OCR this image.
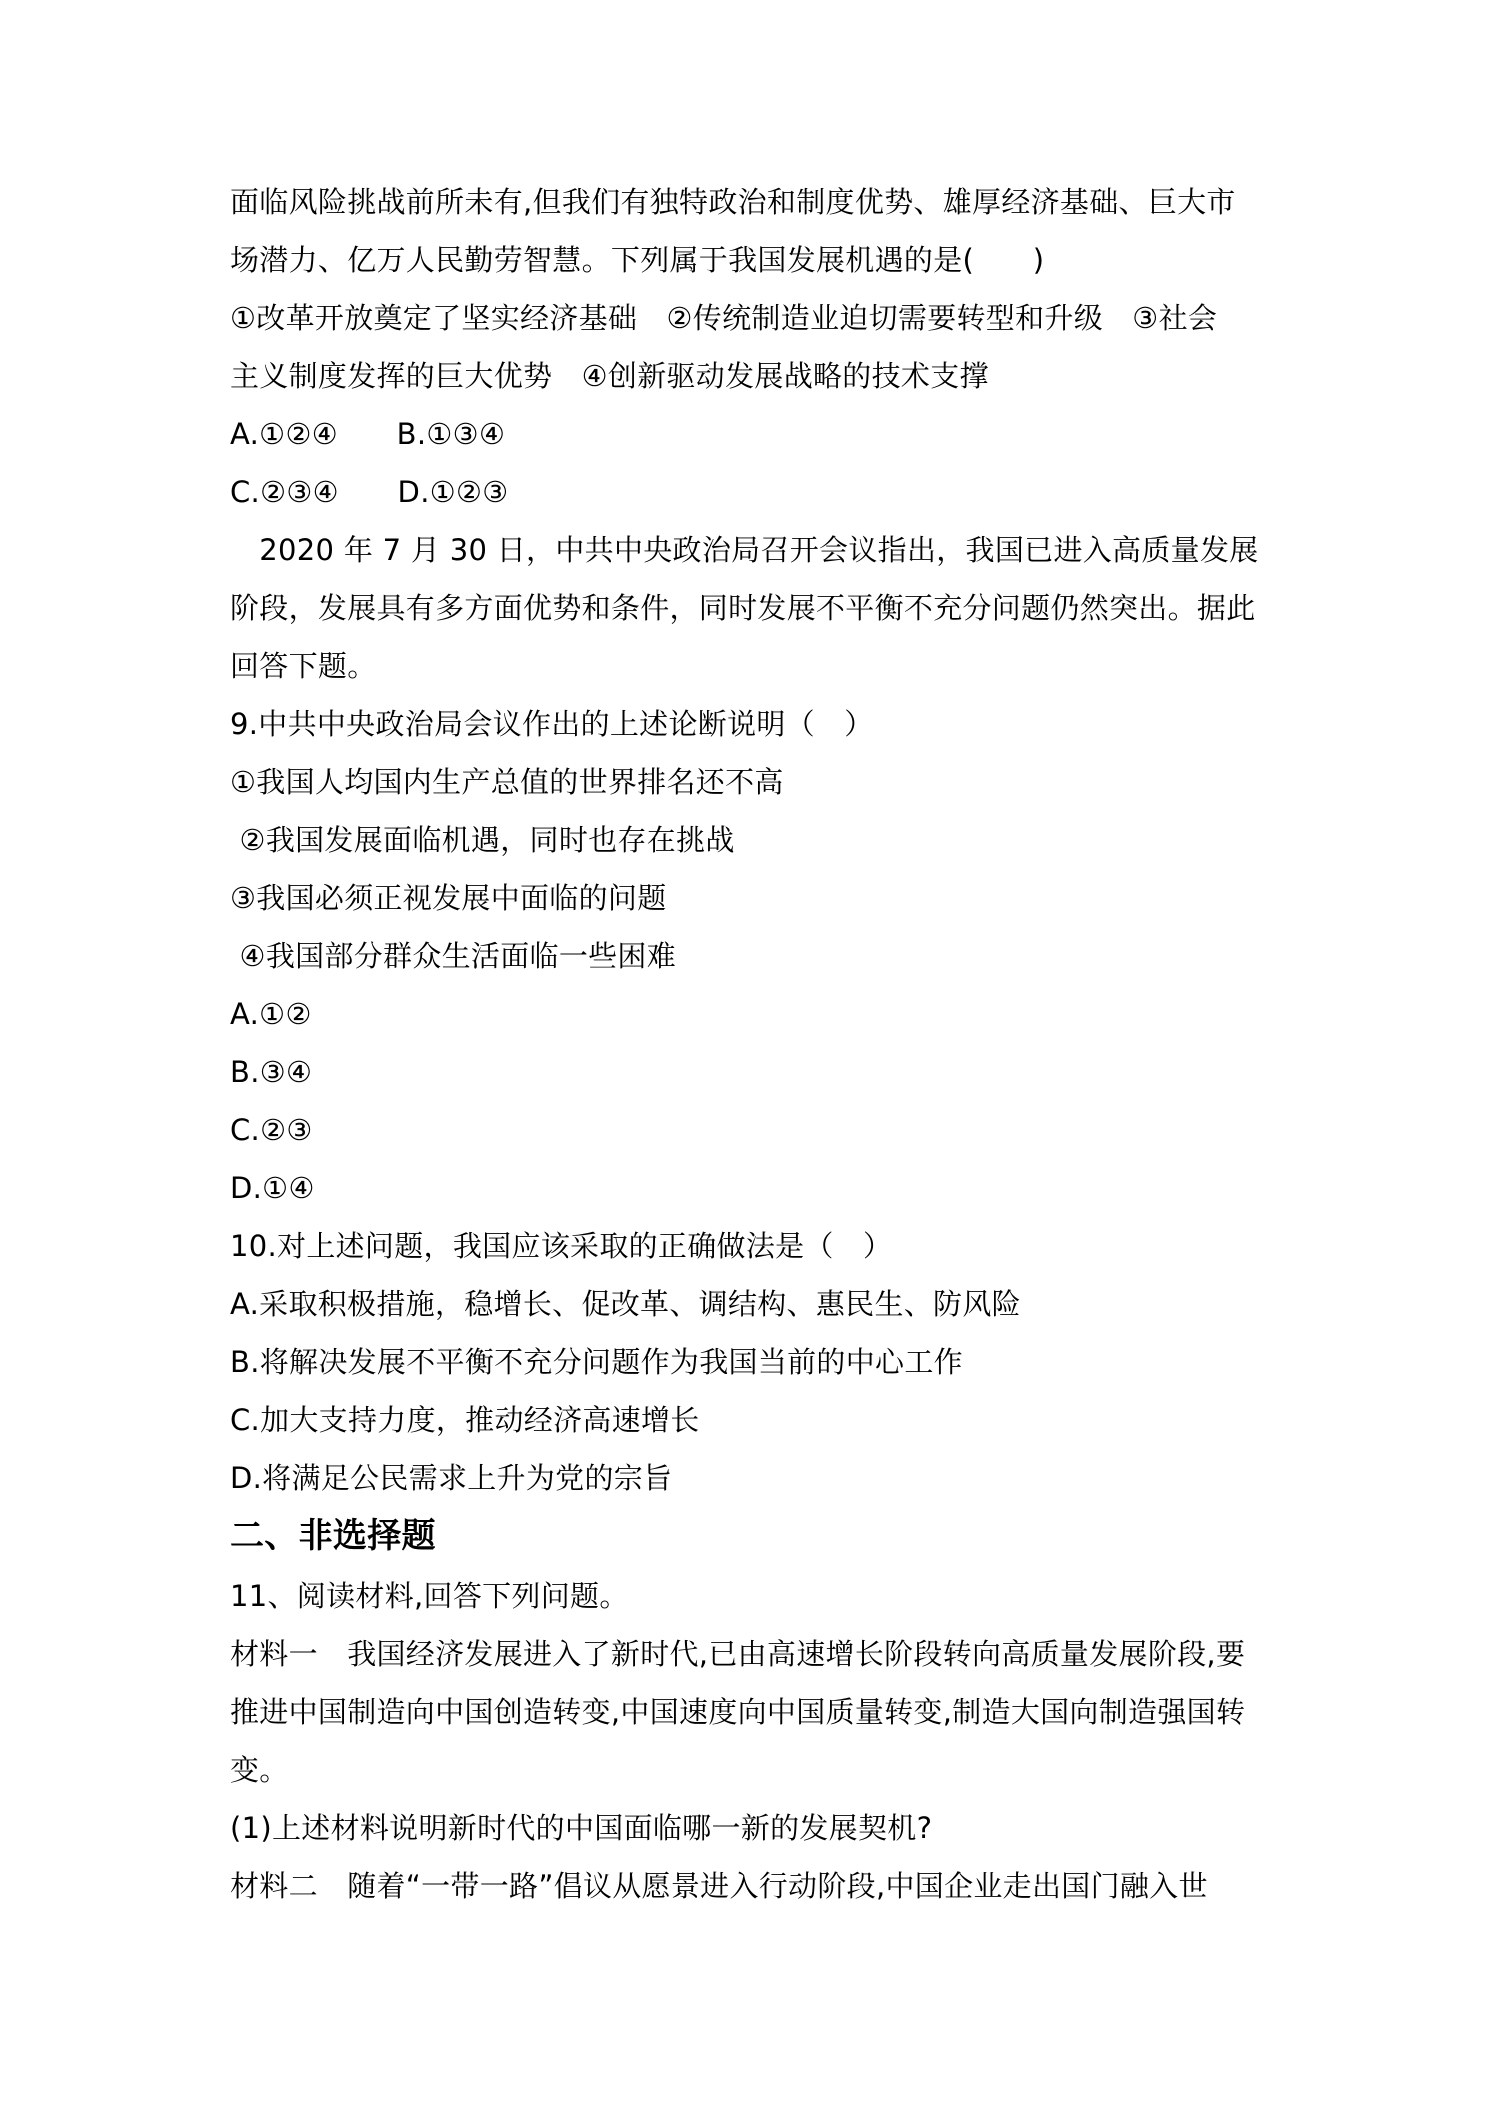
面临风险挑战前所未有,但我们有独特政治和制度优势、雄厚经济基础、巨大市
场潜力、亿万人民勤劳智慧。下列属于我国发展机遇的是(　　)
①改革开放奠定了坚实经济基础　②传统制造业迫切需要转型和升级　③社会
主义制度发挥的巨大优势　④创新驱动发展战略的技术支撑
A.①②④　　B.①③④
C.②③④　　D.①②③
　2020 年 7 月 30 日，中共中央政治局召开会议指出，我国已进入高质量发展
阶段，发展具有多方面优势和条件，同时发展不平衡不充分问题仍然突出。据此
回答下题。
9.中共中央政治局会议作出的上述论断说明（　）
①我国人均国内生产总值的世界排名还不高
②我国发展面临机遇，同时也存在挑战
③我国必须正视发展中面临的问题
④我国部分群众生活面临一些困难
A.①②
B.③④
C.②③
D.①④
10.对上述问题，我国应该采取的正确做法是（　）
A.采取积极措施，稳增长、促改革、调结构、惠民生、防风险
B.将解决发展不平衡不充分问题作为我国当前的中心工作
C.加大支持力度，推动经济高速增长
D.将满足公民需求上升为党的宗旨
二、非选择题
11、阅读材料,回答下列问题。
材料一　我国经济发展进入了新时代,已由高速增长阶段转向高质量发展阶段,要
推进中国制造向中国创造转变,中国速度向中国质量转变,制造大国向制造强国转
变。
(1)上述材料说明新时代的中国面临哪一新的发展契机?
材料二　随着“一带一路”倡议从愿景进入行动阶段,中国企业走出国门融入世
